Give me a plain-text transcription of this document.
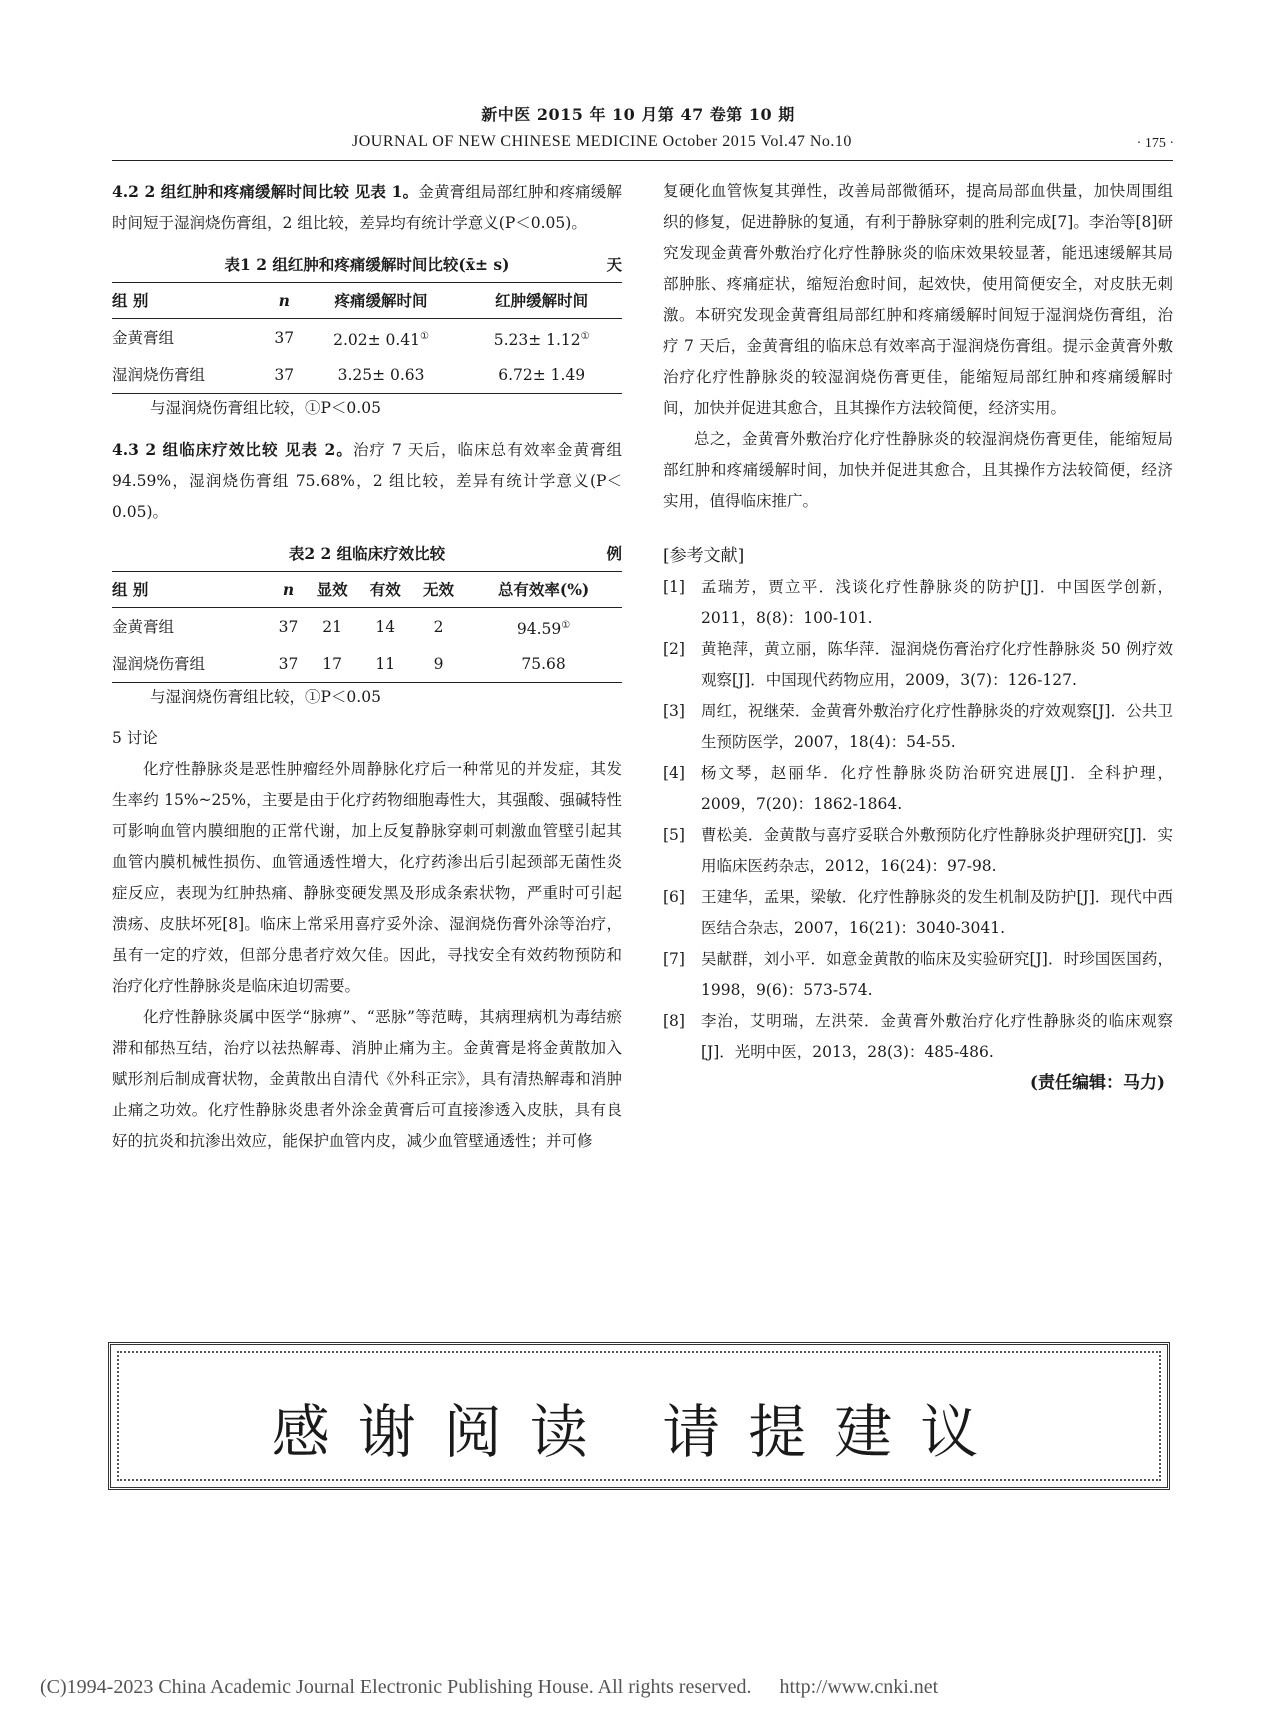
新中医 2015 年 10 月第 47 卷第 10 期
JOURNAL OF NEW CHINESE MEDICINE October 2015 Vol.47 No.10	· 175 ·

4.2 2 组红肿和疼痛缓解时间比较 见表 1。金黄膏组局部红肿和疼痛缓解时间短于湿润烧伤膏组，2 组比较，差异均有统计学意义(P＜0.05)。

表1 2 组红肿和疼痛缓解时间比较(x̄± s)	天
组 别	n	疼痛缓解时间	红肿缓解时间
金黄膏组	37	2.02± 0.41①	5.23± 1.12①
湿润烧伤膏组	37	3.25± 0.63	6.72± 1.49
与湿润烧伤膏组比较，①P＜0.05

4.3 2 组临床疗效比较 见表 2。治疗 7 天后，临床总有效率金黄膏组 94.59%，湿润烧伤膏组 75.68%，2 组比较，差异有统计学意义(P＜0.05)。

表2 2 组临床疗效比较	例
组 别	n	显效	有效	无效	总有效率(%)
金黄膏组	37	21	14	2	94.59①
湿润烧伤膏组	37	17	11	9	75.68
与湿润烧伤膏组比较，①P＜0.05

5 讨论

化疗性静脉炎是恶性肿瘤经外周静脉化疗后一种常见的并发症，其发生率约 15%~25%，主要是由于化疗药物细胞毒性大，其强酸、强碱特性可影响血管内膜细胞的正常代谢，加上反复静脉穿刺可刺激血管壁引起其血管内膜机械性损伤、血管通透性增大，化疗药渗出后引起颈部无菌性炎症反应，表现为红肿热痛、静脉变硬发黑及形成条索状物，严重时可引起溃疡、皮肤坏死[8]。临床上常采用喜疗妥外涂、湿润烧伤膏外涂等治疗，虽有一定的疗效，但部分患者疗效欠佳。因此，寻找安全有效药物预防和治疗化疗性静脉炎是临床迫切需要。

化疗性静脉炎属中医学“脉痹”、“恶脉”等范畴，其病理病机为毒结瘀滞和郁热互结，治疗以祛热解毒、消肿止痛为主。金黄膏是将金黄散加入赋形剂后制成膏状物，金黄散出自清代《外科正宗》，具有清热解毒和消肿止痛之功效。化疗性静脉炎患者外涂金黄膏后可直接渗透入皮肤，具有良好的抗炎和抗渗出效应，能保护血管内皮，减少血管壁通透性；并可修

复硬化血管恢复其弹性，改善局部微循环，提高局部血供量，加快周围组织的修复，促进静脉的复通，有利于静脉穿刺的胜利完成[7]。李治等[8]研究发现金黄膏外敷治疗化疗性静脉炎的临床效果较显著，能迅速缓解其局部肿胀、疼痛症状，缩短治愈时间，起效快，使用简便安全，对皮肤无刺激。本研究发现金黄膏组局部红肿和疼痛缓解时间短于湿润烧伤膏组，治疗 7 天后，金黄膏组的临床总有效率高于湿润烧伤膏组。提示金黄膏外敷治疗化疗性静脉炎的较湿润烧伤膏更佳，能缩短局部红肿和疼痛缓解时间，加快并促进其愈合，且其操作方法较简便，经济实用。

总之，金黄膏外敷治疗化疗性静脉炎的较湿润烧伤膏更佳，能缩短局部红肿和疼痛缓解时间，加快并促进其愈合，且其操作方法较简便，经济实用，值得临床推广。

[参考文献]

[1]	孟瑞芳，贾立平．浅谈化疗性静脉炎的防护[J]．中国医学创新，2011，8(8)：100-101.
[2]	黄艳萍，黄立丽，陈华萍．湿润烧伤膏治疗化疗性静脉炎 50 例疗效观察[J]．中国现代药物应用，2009，3(7)：126-127.
[3]	周红，祝继荣．金黄膏外敷治疗化疗性静脉炎的疗效观察[J]．公共卫生预防医学，2007，18(4)：54-55.
[4]	杨文琴，赵丽华．化疗性静脉炎防治研究进展[J]．全科护理，2009，7(20)：1862-1864.
[5]	曹松美．金黄散与喜疗妥联合外敷预防化疗性静脉炎护理研究[J]．实用临床医药杂志，2012，16(24)：97-98.
[6]	王建华，孟果，梁敏．化疗性静脉炎的发生机制及防护[J]．现代中西医结合杂志，2007，16(21)：3040-3041.
[7]	吴献群，刘小平．如意金黄散的临床及实验研究[J]．时珍国医国药，1998，9(6)：573-574.
[8]	李治，艾明瑞，左洪荣．金黄膏外敷治疗化疗性静脉炎的临床观察[J]．光明中医，2013，28(3)：485-486.
(责任编辑：马力)
感谢阅读 请提建议
(C)1994-2023 China Academic Journal Electronic Publishing House. All rights reserved. http://www.cnki.net
